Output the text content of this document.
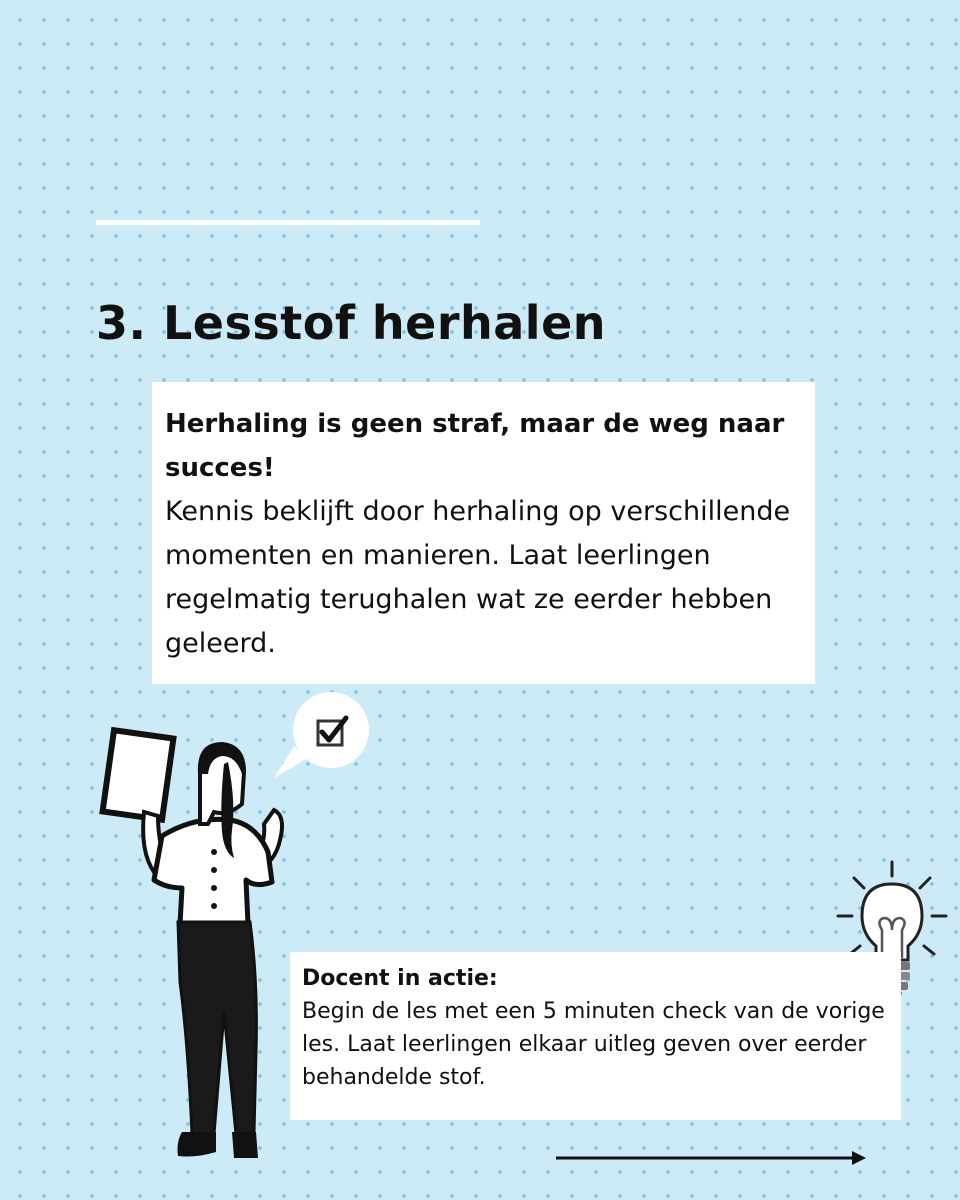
3. Lesstof herhalen

Herhaling is geen straf, maar de weg naar succes!

Kennis beklijft door herhaling op verschillende momenten en manieren. Laat leerlingen regelmatig terughalen wat ze eerder hebben geleerd.

Docent in actie:

Begin de les met een 5 minuten check van de vorige les. Laat leerlingen elkaar uitleg geven over eerder behandelde stof.
